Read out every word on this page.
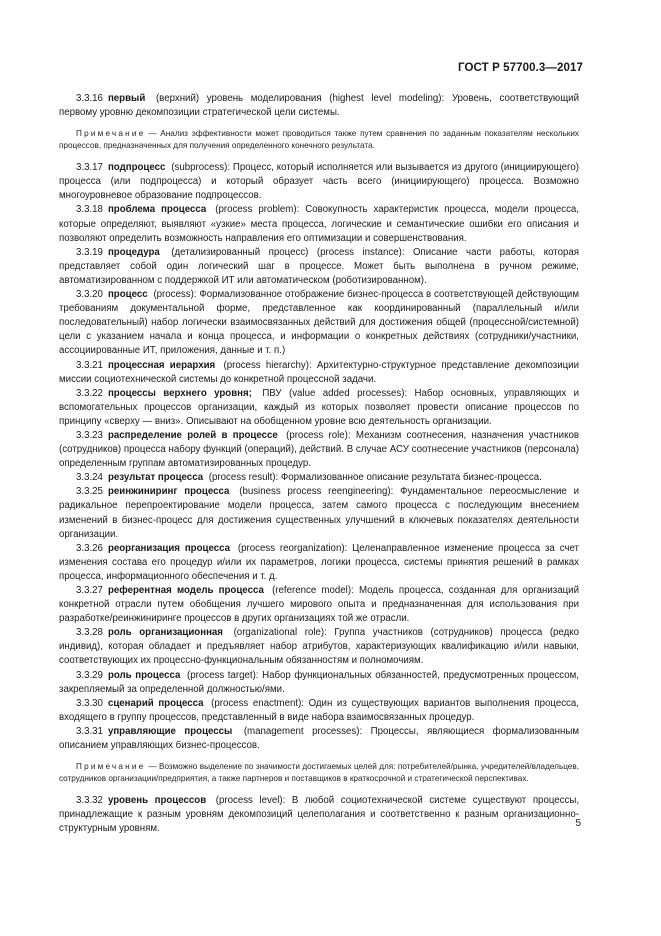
ГОСТ Р 57700.3—2017

3.3.16 первый (верхний) уровень моделирования (highest level modeling): Уровень, соответствующий первому уровню декомпозиции стратегической цели системы.

Примечание — Анализ эффективности может проводиться также путем сравнения по заданным показателям нескольких процессов, предназначенных для получения определенного конечного результата.

3.3.17 подпроцесс (subprocess): Процесс, который исполняется или вызывается из другого (инициирующего) процесса (или подпроцесса) и который образует часть всего (инициирующего) процесса. Возможно многоуровневое образование подпроцессов.

3.3.18 проблема процесса (process problem): Совокупность характеристик процесса, модели процесса, которые определяют, выявляют «узкие» места процесса, логические и семантические ошибки его описания и позволяют определить возможность направления его оптимизации и совершенствования.

3.3.19 процедура (детализированный процесс) (process instance): Описание части работы, которая представляет собой один логический шаг в процессе. Может быть выполнена в ручном режиме, автоматизированном с поддержкой ИТ или автоматическом (роботизированном).

3.3.20 процесс (process): Формализованное отображение бизнес-процесса в соответствующей действующим требованиям документальной форме, представленное как координированный (параллельный и/или последовательный) набор логически взаимосвязанных действий для достижения общей (процессной/системной) цели с указанием начала и конца процесса, и информации о конкретных действиях (сотрудники/участники, ассоциированные ИТ, приложения, данные и т. п.)

3.3.21 процессная иерархия (process hierarchy): Архитектурно-структурное представление декомпозиции миссии социотехнической системы до конкретной процессной задачи.

3.3.22 процессы верхнего уровня; ПВУ (value added processes): Набор основных, управляющих и вспомогательных процессов организации, каждый из которых позволяет провести описание процессов по принципу «сверху — вниз». Описывают на обобщенном уровне всю деятельность организации.

3.3.23 распределение ролей в процессе (process role): Механизм соотнесения, назначения участников (сотрудников) процесса набору функций (операций), действий. В случае АСУ соотнесение участников (персонала) определенным группам автоматизированных процедур.

3.3.24 результат процесса (process result): Формализованное описание результата бизнес-процесса.

3.3.25 реинжиниринг процесса (business process reengineering): Фундаментальное переосмысление и радикальное перепроектирование модели процесса, затем самого процесса с последующим внесением изменений в бизнес-процесс для достижения существенных улучшений в ключевых показателях деятельности организации.

3.3.26 реорганизация процесса (process reorganization): Целенаправленное изменение процесса за счет изменения состава его процедур и/или их параметров, логики процесса, системы принятия решений в рамках процесса, информационного обеспечения и т. д.

3.3.27 референтная модель процесса (reference model): Модель процесса, созданная для организаций конкретной отрасли путем обобщения лучшего мирового опыта и предназначенная для использования при разработке/реинжиниринге процессов в других организациях той же отрасли.

3.3.28 роль организационная (organizational role): Группа участников (сотрудников) процесса (редко индивид), которая обладает и предъявляет набор атрибутов, характеризующих квалификацию и/или навыки, соответствующих их процессно-функциональным обязанностям и полномочиям.

3.3.29 роль процесса (process target): Набор функциональных обязанностей, предусмотренных процессом, закрепляемый за определенной должностью/ями.

3.3.30 сценарий процесса (process enactment): Один из существующих вариантов выполнения процесса, входящего в группу процессов, представленный в виде набора взаимосвязанных процедур.

3.3.31 управляющие процессы (management processes): Процессы, являющиеся формализованным описанием управляющих бизнес-процессов.

Примечание — Возможно выделение по значимости достигаемых целей для: потребителей/рынка, учредителей/владельцев, сотрудников организации/предприятия, а также партнеров и поставщиков в краткосрочной и стратегической перспективах.

3.3.32 уровень процессов (process level): В любой социотехнической системе существуют процессы, принадлежащие к разным уровням декомпозиций целеполагания и соответственно к разным организационно-структурным уровням.	5
